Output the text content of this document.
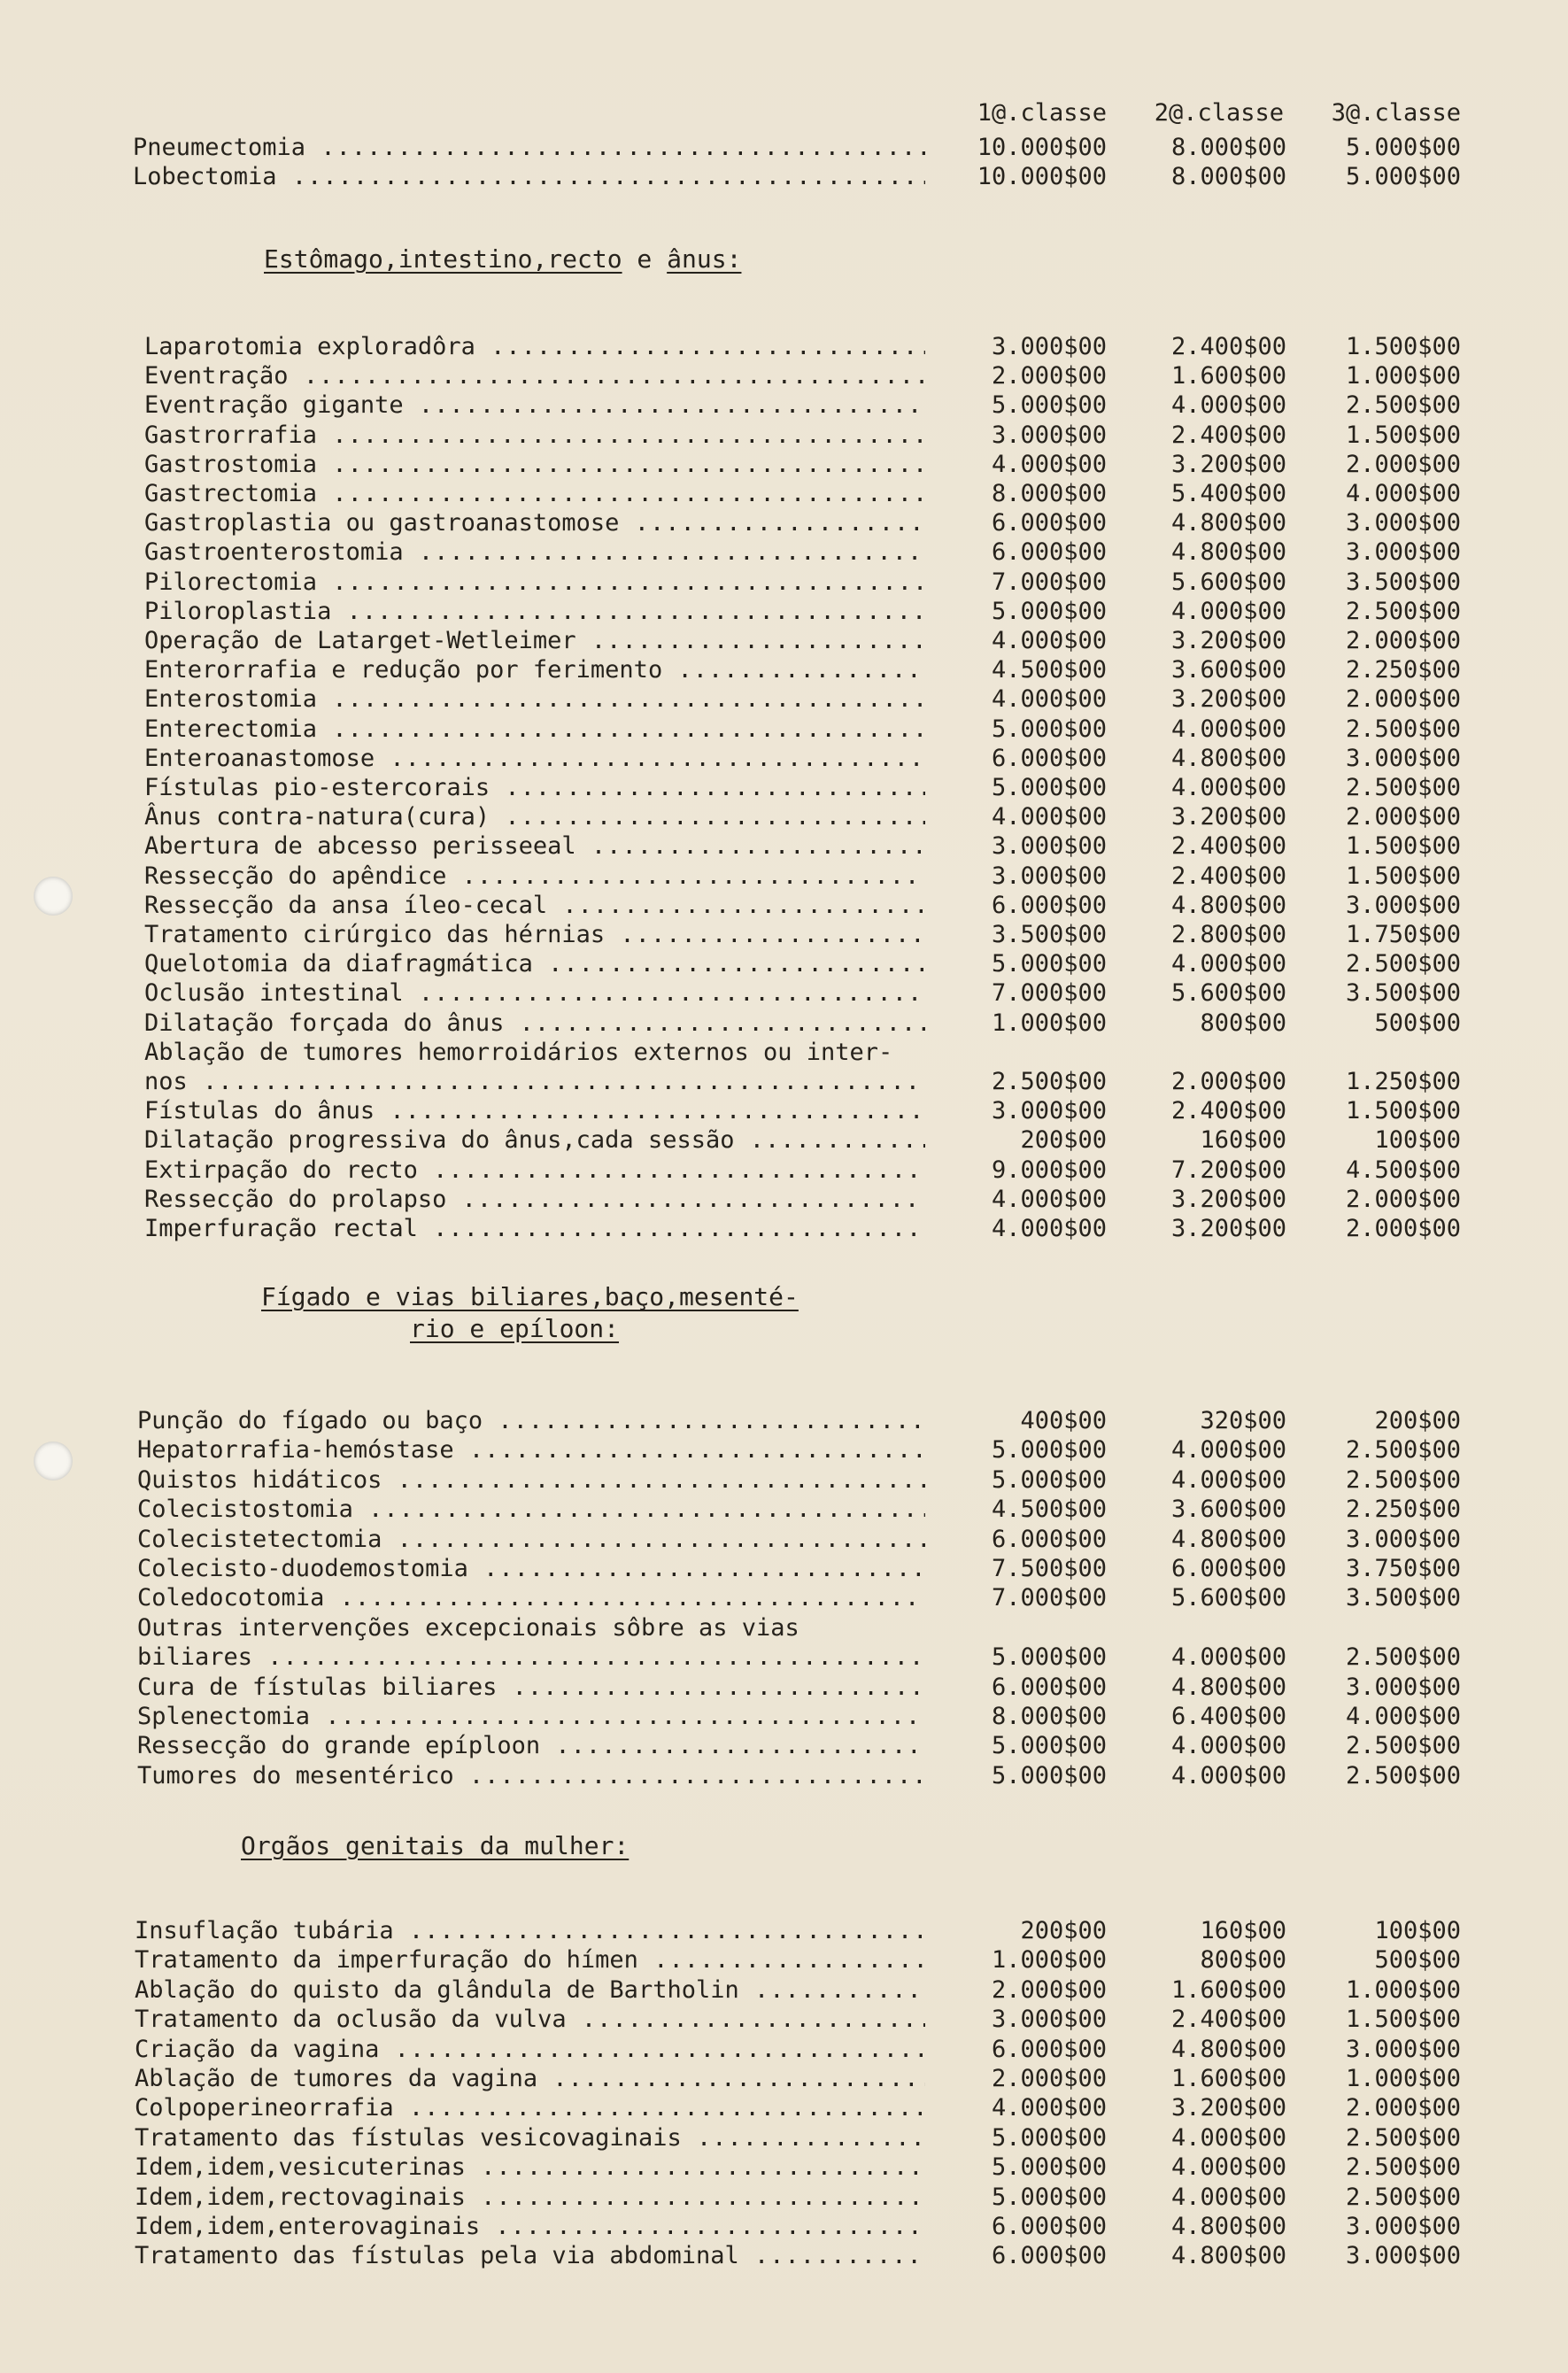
1@.classe	2@.classe	3@.classe
Pneumectomia .....	10.000$00	8.000$00	5.000$00
Lobectomia .....	10.000$00	8.000$00	5.000$00
Estômago,intestino,recto e ânus:
Laparotomia exploradôra .....	3.000$00	2.400$00	1.500$00
Eventração .....	2.000$00	1.600$00	1.000$00
Eventração gigante .....	5.000$00	4.000$00	2.500$00
Gastrorrafia .....	3.000$00	2.400$00	1.500$00
Gastrostomia .....	4.000$00	3.200$00	2.000$00
Gastrectomia .....	8.000$00	5.400$00	4.000$00
Gastroplastia ou gastroanastomose .....	6.000$00	4.800$00	3.000$00
Gastroenterostomia .....	6.000$00	4.800$00	3.000$00
Pilorectomia .....	7.000$00	5.600$00	3.500$00
Piloroplastia .....	5.000$00	4.000$00	2.500$00
Operação de Latarget-Wetleimer .....	4.000$00	3.200$00	2.000$00
Enterorrafia e redução por ferimento .....	4.500$00	3.600$00	2.250$00
Enterostomia .....	4.000$00	3.200$00	2.000$00
Enterectomia .....	5.000$00	4.000$00	2.500$00
Enteroanastomose .....	6.000$00	4.800$00	3.000$00
Fístulas pio-estercorais .....	5.000$00	4.000$00	2.500$00
Ânus contra-natura(cura) .....	4.000$00	3.200$00	2.000$00
Abertura de abcesso perisseeal .....	3.000$00	2.400$00	1.500$00
Ressecção do apêndice .....	3.000$00	2.400$00	1.500$00
Ressecção da ansa íleo-cecal .....	6.000$00	4.800$00	3.000$00
Tratamento cirúrgico das hérnias .....	3.500$00	2.800$00	1.750$00
Quelotomia da diafragmática .....	5.000$00	4.000$00	2.500$00
Oclusão intestinal .....	7.000$00	5.600$00	3.500$00
Dilatação forçada do ânus .....	1.000$00	800$00	500$00
Ablação de tumores hemorroidários externos ou inter-
nos .....	2.500$00	2.000$00	1.250$00
Fístulas do ânus .....	3.000$00	2.400$00	1.500$00
Dilatação progressiva do ânus,cada sessão .....	200$00	160$00	100$00
Extirpação do recto .....	9.000$00	7.200$00	4.500$00
Ressecção do prolapso .....	4.000$00	3.200$00	2.000$00
Imperfuração rectal .....	4.000$00	3.200$00	2.000$00
Fígado e vias biliares,baço,mesenté-
rio e epíloon:
Punção do fígado ou baço .....	400$00	320$00	200$00
Hepatorrafia-hemóstase .....	5.000$00	4.000$00	2.500$00
Quistos hidáticos .....	5.000$00	4.000$00	2.500$00
Colecistostomia .....	4.500$00	3.600$00	2.250$00
Colecistetectomia .....	6.000$00	4.800$00	3.000$00
Colecisto-duodemostomia .....	7.500$00	6.000$00	3.750$00
Coledocotomia .....	7.000$00	5.600$00	3.500$00
Outras intervenções excepcionais sôbre as vias
biliares .....	5.000$00	4.000$00	2.500$00
Cura de fístulas biliares .....	6.000$00	4.800$00	3.000$00
Splenectomia .....	8.000$00	6.400$00	4.000$00
Ressecção do grande epíploon .....	5.000$00	4.000$00	2.500$00
Tumores do mesentérico .....	5.000$00	4.000$00	2.500$00
Orgãos genitais da mulher:
Insuflação tubária .....	200$00	160$00	100$00
Tratamento da imperfuração do hímen .....	1.000$00	800$00	500$00
Ablação do quisto da glândula de Bartholin .....	2.000$00	1.600$00	1.000$00
Tratamento da oclusão da vulva .....	3.000$00	2.400$00	1.500$00
Criação da vagina .....	6.000$00	4.800$00	3.000$00
Ablação de tumores da vagina .....	2.000$00	1.600$00	1.000$00
Colpoperineorrafia .....	4.000$00	3.200$00	2.000$00
Tratamento das fístulas vesicovaginais .....	5.000$00	4.000$00	2.500$00
Idem,idem,vesicuterinas .....	5.000$00	4.000$00	2.500$00
Idem,idem,rectovaginais .....	5.000$00	4.000$00	2.500$00
Idem,idem,enterovaginais .....	6.000$00	4.800$00	3.000$00
Tratamento das fístulas pela via abdominal .....	6.000$00	4.800$00	3.000$00
